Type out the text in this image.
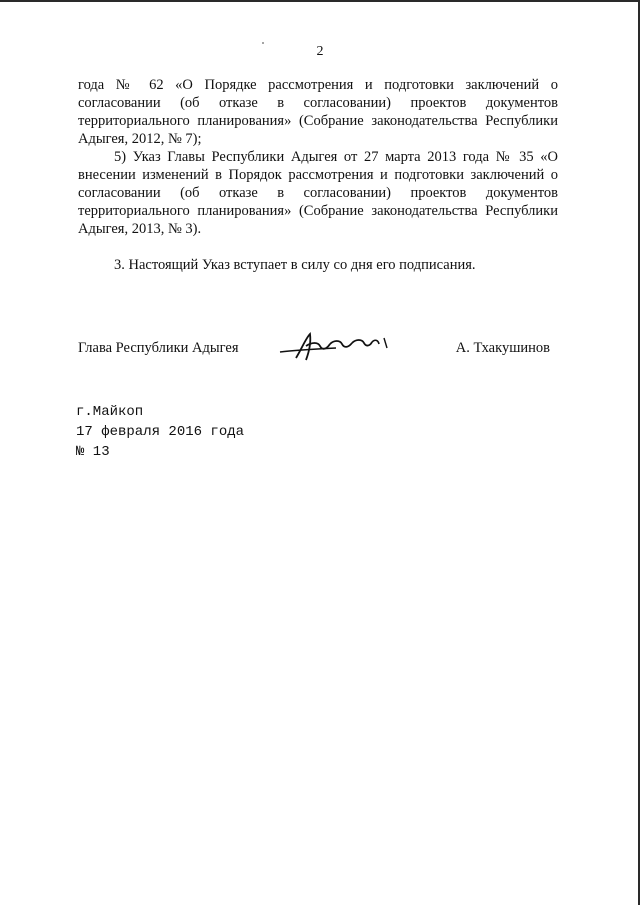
2

года № 62 «О Порядке рассмотрения и подготовки заключений о согласовании (об отказе в согласовании) проектов документов территориального планирования» (Собрание законодательства Республики Адыгея, 2012, № 7);

5) Указ Главы Республики Адыгея от 27 марта 2013 года № 35 «О внесении изменений в Порядок рассмотрения и подготовки заключений о согласовании (об отказе в согласовании) проектов документов территориального планирования» (Собрание законодательства Республики Адыгея, 2013, № 3).

3. Настоящий Указ вступает в силу со дня его подписания.

Глава Республики Адыгея	А. Тхакушинов
г.Майкоп
17 февраля 2016 года
№ 13
